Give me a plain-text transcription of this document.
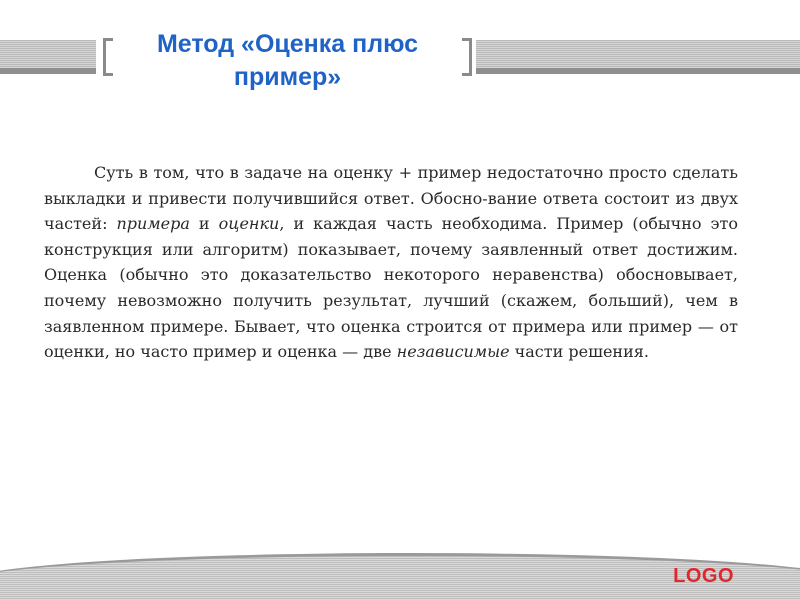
Метод «Оценка плюс пример»

Суть в том, что в задаче на оценку + пример недостаточно просто сделать выкладки и привести получившийся ответ. Обосно-вание ответа состоит из двух частей: примера и оценки, и каждая часть необходима. Пример (обычно это конструкция или алгоритм) показывает, почему заявленный ответ достижим. Оценка (обычно это доказательство некоторого неравенства) обосновывает, почему невозможно получить результат, лучший (скажем, больший), чем в заявленном примере. Бывает, что оценка строится от примера или пример — от оценки, но часто пример и оценка — две независимые части решения.

LOGO
